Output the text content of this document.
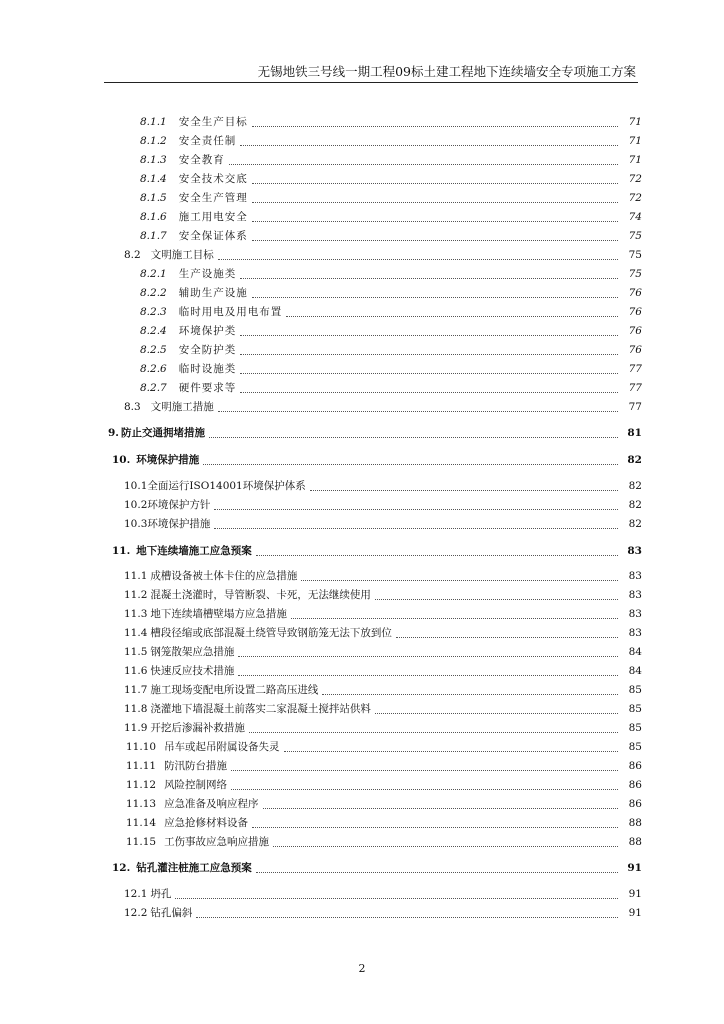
无锡地铁三号线一期工程09标土建工程地下连续墙安全专项施工方案
8.1.1 安全生产目标	71
8.1.2 安全责任制	71
8.1.3 安全教育	71
8.1.4 安全技术交底	72
8.1.5 安全生产管理	72
8.1.6 施工用电安全	74
8.1.7 安全保证体系	75
8.2 文明施工目标	75
8.2.1 生产设施类	75
8.2.2 辅助生产设施	76
8.2.3 临时用电及用电布置	76
8.2.4 环境保护类	76
8.2.5 安全防护类	76
8.2.6 临时设施类	77
8.2.7 硬件要求等	77
8.3 文明施工措施	77
9. 防止交通拥堵措施	81
10. 环境保护措施	82
10.1 全面运行ISO14001环境保护体系	82
10.2 环境保护方针	82
10.3 环境保护措施	82
11. 地下连续墙施工应急预案	83
11.1 成槽设备被土体卡住的应急措施	83
11.2 混凝土浇灌时，导管断裂、卡死，无法继续使用	83
11.3 地下连续墙槽壁塌方应急措施	83
11.4 槽段径缩或底部混凝土绕管导致钢筋笼无法下放到位	83
11.5 钢笼散架应急措施	84
11.6 快速反应技术措施	84
11.7 施工现场变配电所设置二路高压进线	85
11.8 浇灌地下墙混凝土前落实二家混凝土搅拌站供料	85
11.9 开挖后渗漏补救措施	85
11.10 吊车或起吊附属设备失灵	85
11.11 防汛防台措施	86
11.12 风险控制网络	86
11.13 应急准备及响应程序	86
11.14 应急抢修材料设备	88
11.15 工伤事故应急响应措施	88
12. 钻孔灌注桩施工应急预案	91
12.1 坍孔	91
12.2 钻孔偏斜	91
2
